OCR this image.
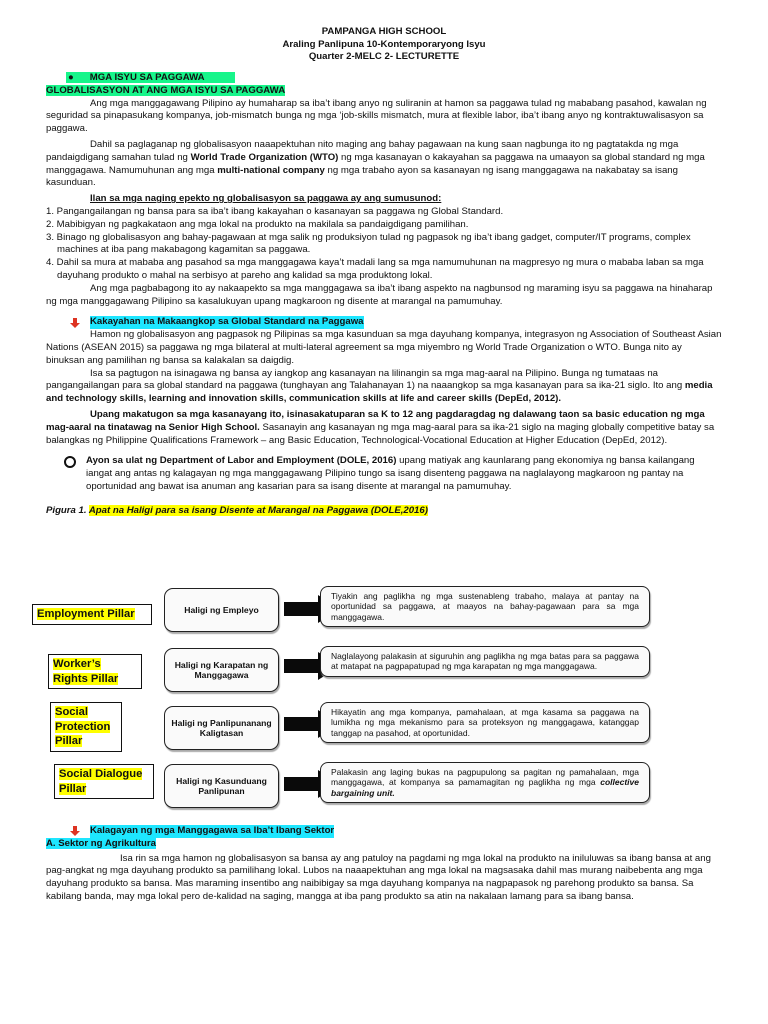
PAMPANGA HIGH SCHOOL
Araling Panlipuna 10-Kontemporaryong Isyu
Quarter 2-MELC 2- LECTURETTE
●      MGA ISYU SA PAGGAWA
GLOBALISASYON AT ANG MGA ISYU SA PAGGAWA

Ang mga manggagawang Pilipino ay humaharap sa iba’t ibang anyo ng suliranin at hamon sa paggawa tulad ng mababang pasahod, kawalan ng seguridad sa pinapasukang kompanya, job-mismatch bunga ng mga ‘job-skills mismatch, mura at flexible labor, iba’t ibang anyo ng kontraktuwalisasyon sa paggawa.

Dahil sa paglaganap ng globalisasyon naaapektuhan nito maging ang bahay pagawaan na kung saan nagbunga ito ng pagtatakda ng mga pandaigdigang samahan tulad ng World Trade Organization (WTO) ng mga kasanayan o kakayahan sa paggawa na umaayon sa global standard ng mga manggagawa. Namumuhunan ang mga multi-national company ng mga trabaho ayon sa kasanayan ng isang manggagawa na nakabatay sa isang

kasunduan.

Ilan sa mga naging epekto ng globalisasyon sa paggawa ay ang sumusunod:

1. Pangangailangan ng bansa para sa iba’t ibang kakayahan o kasanayan sa paggawa ng Global Standard.
2. Mabibigyan ng pagkakataon ang mga lokal na produkto na makilala sa pandaigdigang pamilihan.
3. Binago ng globalisasyon ang bahay-pagawaan at mga salik ng produksiyon tulad ng pagpasok ng iba’t ibang gadget, computer/IT programs, complex machines at iba pang makabagong kagamitan sa paggawa.
4. Dahil sa mura at mababa ang pasahod sa mga manggagawa kaya’t madali lang sa mga namumuhunan na magpresyo ng mura o mababa laban sa mga dayuhang produkto o mahal na serbisyo at pareho ang kalidad sa mga produktong lokal.

Ang mga pagbabagong ito ay nakaapekto sa mga manggagawa sa iba’t ibang aspekto na nagbunsod ng maraming isyu sa paggawa na hinaharap ng mga manggagawang Pilipino sa kasalukuyan upang magkaroon ng disente at marangal na pamumuhay.

Kakayahan na Makaangkop sa Global Standard na Paggawa

Hamon ng globalisasyon ang pagpasok ng Pilipinas sa mga kasunduan sa mga dayuhang kompanya, integrasyon ng Association of Southeast Asian Nations (ASEAN 2015) sa paggawa ng mga bilateral at multi-lateral agreement sa mga miyembro ng World Trade Organization o WTO. Bunga nito ay binuksan ang pamilihan ng bansa sa kalakalan sa daigdig.

Isa sa pagtugon na isinagawa ng bansa ay iangkop ang kasanayan na lilinangin sa mga mag-aaral na Pilipino. Bunga ng tumataas na pangangailangan para sa global standard na paggawa (tunghayan ang Talahanayan 1) na naaangkop sa mga kasanayan para sa ika-21 siglo. Ito ang media and technology skills, learning and innovation skills, communication skills at life and career skills (DepEd, 2012).

Upang makatugon sa mga kasanayang ito, isinasakatuparan sa K to 12 ang pagdaragdag ng dalawang taon sa basic education ng mga mag-aaral na tinatawag na Senior High School. Sasanayin ang kasanayan ng mga mag-aaral para sa ika-21 siglo na maging globally competitive batay sa balangkas ng Philippine Qualifications Framework – ang Basic Education, Technological-Vocational Education at Higher Education (DepEd, 2012).

Ayon sa ulat ng Department of Labor and Employment (DOLE, 2016) upang matiyak ang kaunlarang pang ekonomiya ng bansa kailangang iangat ang antas ng kalagayan ng mga manggagawang Pilipino tungo sa isang disenteng paggawa na naglalayong magkaroon ng pantay na oportunidad ang bawat isa anuman ang kasarian para sa isang disente at marangal na pamumuhay.

Pigura 1. Apat na Haligi para sa isang Disente at Marangal na Paggawa (DOLE,2016)

Employment Pillar	Haligi ng Empleyo
Tiyakin ang paglikha ng mga sustenableng trabaho, malaya at pantay na oportunidad sa paggawa, at maayos na bahay-pagawaan para sa mga manggagawa.
Worker’s Rights Pillar
Haligi ng Karapatan ng Manggagawa
Naglalayong palakasin at siguruhin ang paglikha ng mga batas para sa paggawa at matapat na pagpapatupad ng mga karapatan ng mga manggagawa.
Social Protection Pillar
Haligi ng Panlipunanang Kaligtasan
Hikayatin ang mga kompanya, pamahalaan, at mga kasama sa paggawa na lumikha ng mga mekanismo para sa proteksyon ng manggagawa, katanggap tanggap na pasahod, at oportunidad.
Social Dialogue Pillar
Haligi ng Kasunduang Panlipunan
Palakasin ang laging bukas na pagpupulong sa pagitan ng pamahalaan, mga manggagawa, at kompanya sa pamamagitan ng paglikha ng mga collective bargaining unit.
Kalagayan ng mga Manggagawa sa Iba’t Ibang Sektor
A. Sektor ng Agrikultura

Isa rin sa mga hamon ng globalisasyon sa bansa ay ang patuloy na pagdami ng mga lokal na produkto na iniluluwas sa ibang bansa at ang pag-angkat ng mga dayuhang produkto sa pamilihang lokal. Lubos na naaapektuhan ang mga lokal na magsasaka dahil mas murang naibebenta ang mga dayuhang produkto sa bansa. Mas maraming insentibo ang naibibigay sa mga dayuhang kompanya na nagpapasok ng parehong produkto sa bansa. Sa kabilang banda, may mga lokal pero de-kalidad na saging, mangga at iba pang produkto sa atin na nakalaan lamang para sa ibang bansa.
